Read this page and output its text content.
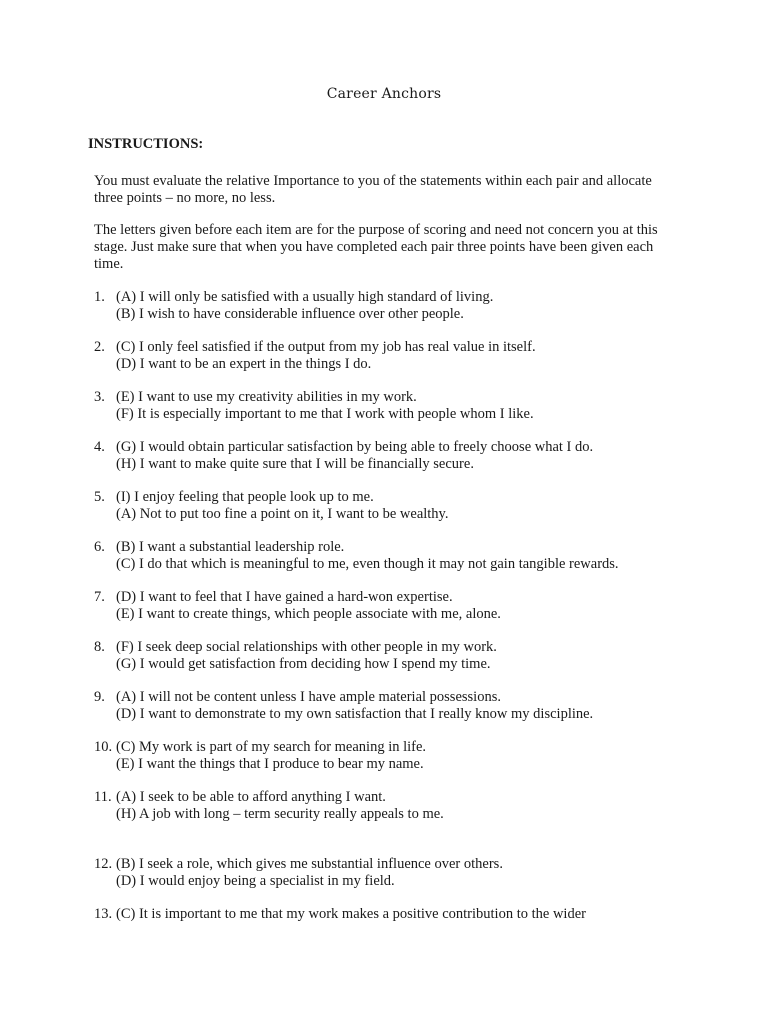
Career Anchors
INSTRUCTIONS:
You must evaluate the relative Importance to you of the statements within each pair and allocate three points – no more, no less.
The letters given before each item are for the purpose of scoring and need not concern you at this stage. Just make sure that when you have completed each pair three points have been given each time.
1. (A) I will only be satisfied with a usually high standard of living.
(B) I wish to have considerable influence over other people.
2. (C) I only feel satisfied if the output from my job has real value in itself.
(D) I want to be an expert in the things I do.
3. (E) I want to use my creativity abilities in my work.
(F) It is especially important to me that I work with people whom I like.
4. (G) I would obtain particular satisfaction by being able to freely choose what I do.
(H) I want to make quite sure that I will be financially secure.
5. (I) I enjoy feeling that people look up to me.
(A) Not to put too fine a point on it, I want to be wealthy.
6. (B) I want a substantial leadership role.
(C) I do that which is meaningful to me, even though it may not gain tangible rewards.
7. (D) I want to feel that I have gained a hard-won expertise.
(E) I want to create things, which people associate with me, alone.
8. (F) I seek deep social relationships with other people in my work.
(G) I would get satisfaction from deciding how I spend my time.
9. (A) I will not be content unless I have ample material possessions.
(D) I want to demonstrate to my own satisfaction that I really know my discipline.
10. (C) My work is part of my search for meaning in life.
(E) I want the things that I produce to bear my name.
11. (A) I seek to be able to afford anything I want.
(H) A job with long – term security really appeals to me.
12. (B) I seek a role, which gives me substantial influence over others.
(D) I would enjoy being a specialist in my field.
13. (C) It is important to me that my work makes a positive contribution to the wider
